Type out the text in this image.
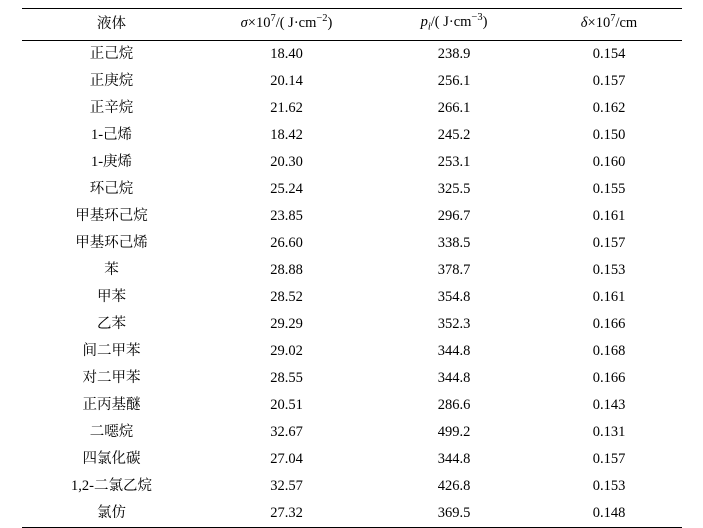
液体	$\sigma\times 10^7/$( $J\cdot cm^{-2}$)	$p_i/$( $J\cdot cm^{-3}$)	$\delta\times 10^7/cm$
正己烷	18.40	238.9	0.154
正庚烷	20.14	256.1	0.157
正辛烷	21.62	266.1	0.162
1-己烯	18.42	245.2	0.150
1-庚烯	20.30	253.1	0.160
环己烷	25.24	325.5	0.155
甲基环己烷	23.85	296.7	0.161
甲基环己烯	26.60	338.5	0.157
苯	28.88	378.7	0.153
甲苯	28.52	354.8	0.161
乙苯	29.29	352.3	0.166
间二甲苯	29.02	344.8	0.168
对二甲苯	28.55	344.8	0.166
正丙基醚	20.51	286.6	0.143
二噁烷	32.67	499.2	0.131
四氯化碳	27.04	344.8	0.157
1,2-二氯乙烷	32.57	426.8	0.153
氯仿	27.32	369.5	0.148
